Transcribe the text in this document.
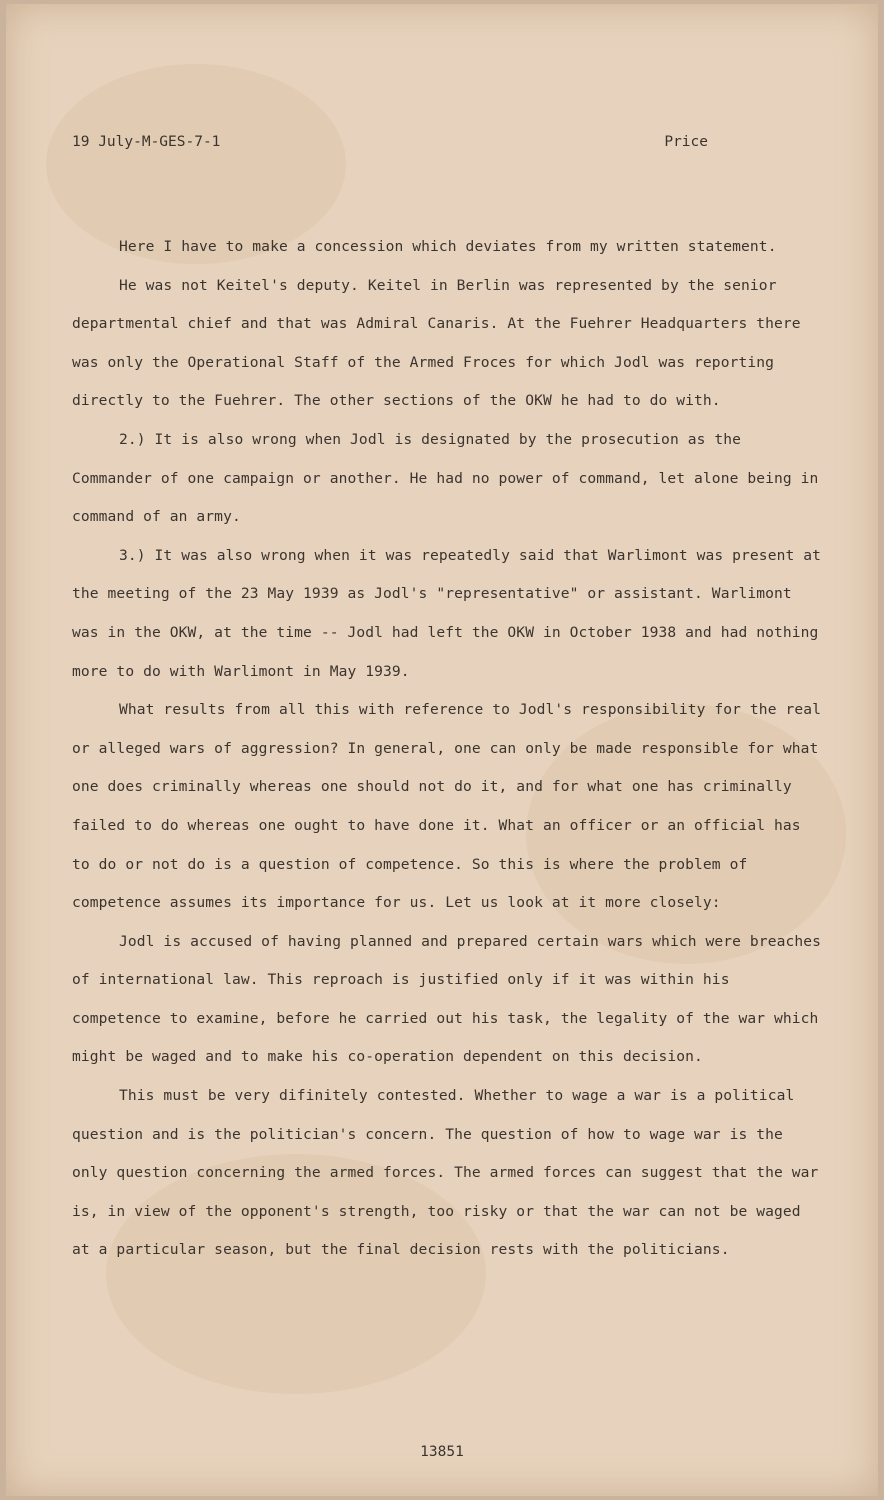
19 July-M-GES-7-1	Price

Here I have to make a concession which deviates from my written statement.

He was not Keitel's deputy. Keitel in Berlin was represented by the senior departmental chief and that was Admiral Canaris. At the Fuehrer Headquarters there was only the Operational Staff of the Armed Froces for which Jodl was reporting directly to the Fuehrer. The other sections of the OKW he had to do with.

2.) It is also wrong when Jodl is designated by the prosecution as the Commander of one campaign or another. He had no power of command, let alone being in command of an army.

3.) It was also wrong when it was repeatedly said that Warlimont was present at the meeting of the 23 May 1939 as Jodl's "representative" or assistant. Warlimont was in the OKW, at the time -- Jodl had left the OKW in October 1938 and had nothing more to do with Warlimont in May 1939.

What results from all this with reference to Jodl's responsibility for the real or alleged wars of aggression? In general, one can only be made responsible for what one does criminally whereas one should not do it, and for what one has criminally failed to do whereas one ought to have done it. What an officer or an official has to do or not do is a question of competence. So this is where the problem of competence assumes its importance for us. Let us look at it more closely:

Jodl is accused of having planned and prepared certain wars which were breaches of international law. This reproach is justified only if it was within his competence to examine, before he carried out his task, the legality of the war which might be waged and to make his co-operation dependent on this decision.

This must be very difinitely contested. Whether to wage a war is a political question and is the politician's concern. The question of how to wage war is the only question concerning the armed forces. The armed forces can suggest that the war is, in view of the opponent's strength, too risky or that the war can not be waged at a particular season, but the final decision rests with the politicians.

13851
